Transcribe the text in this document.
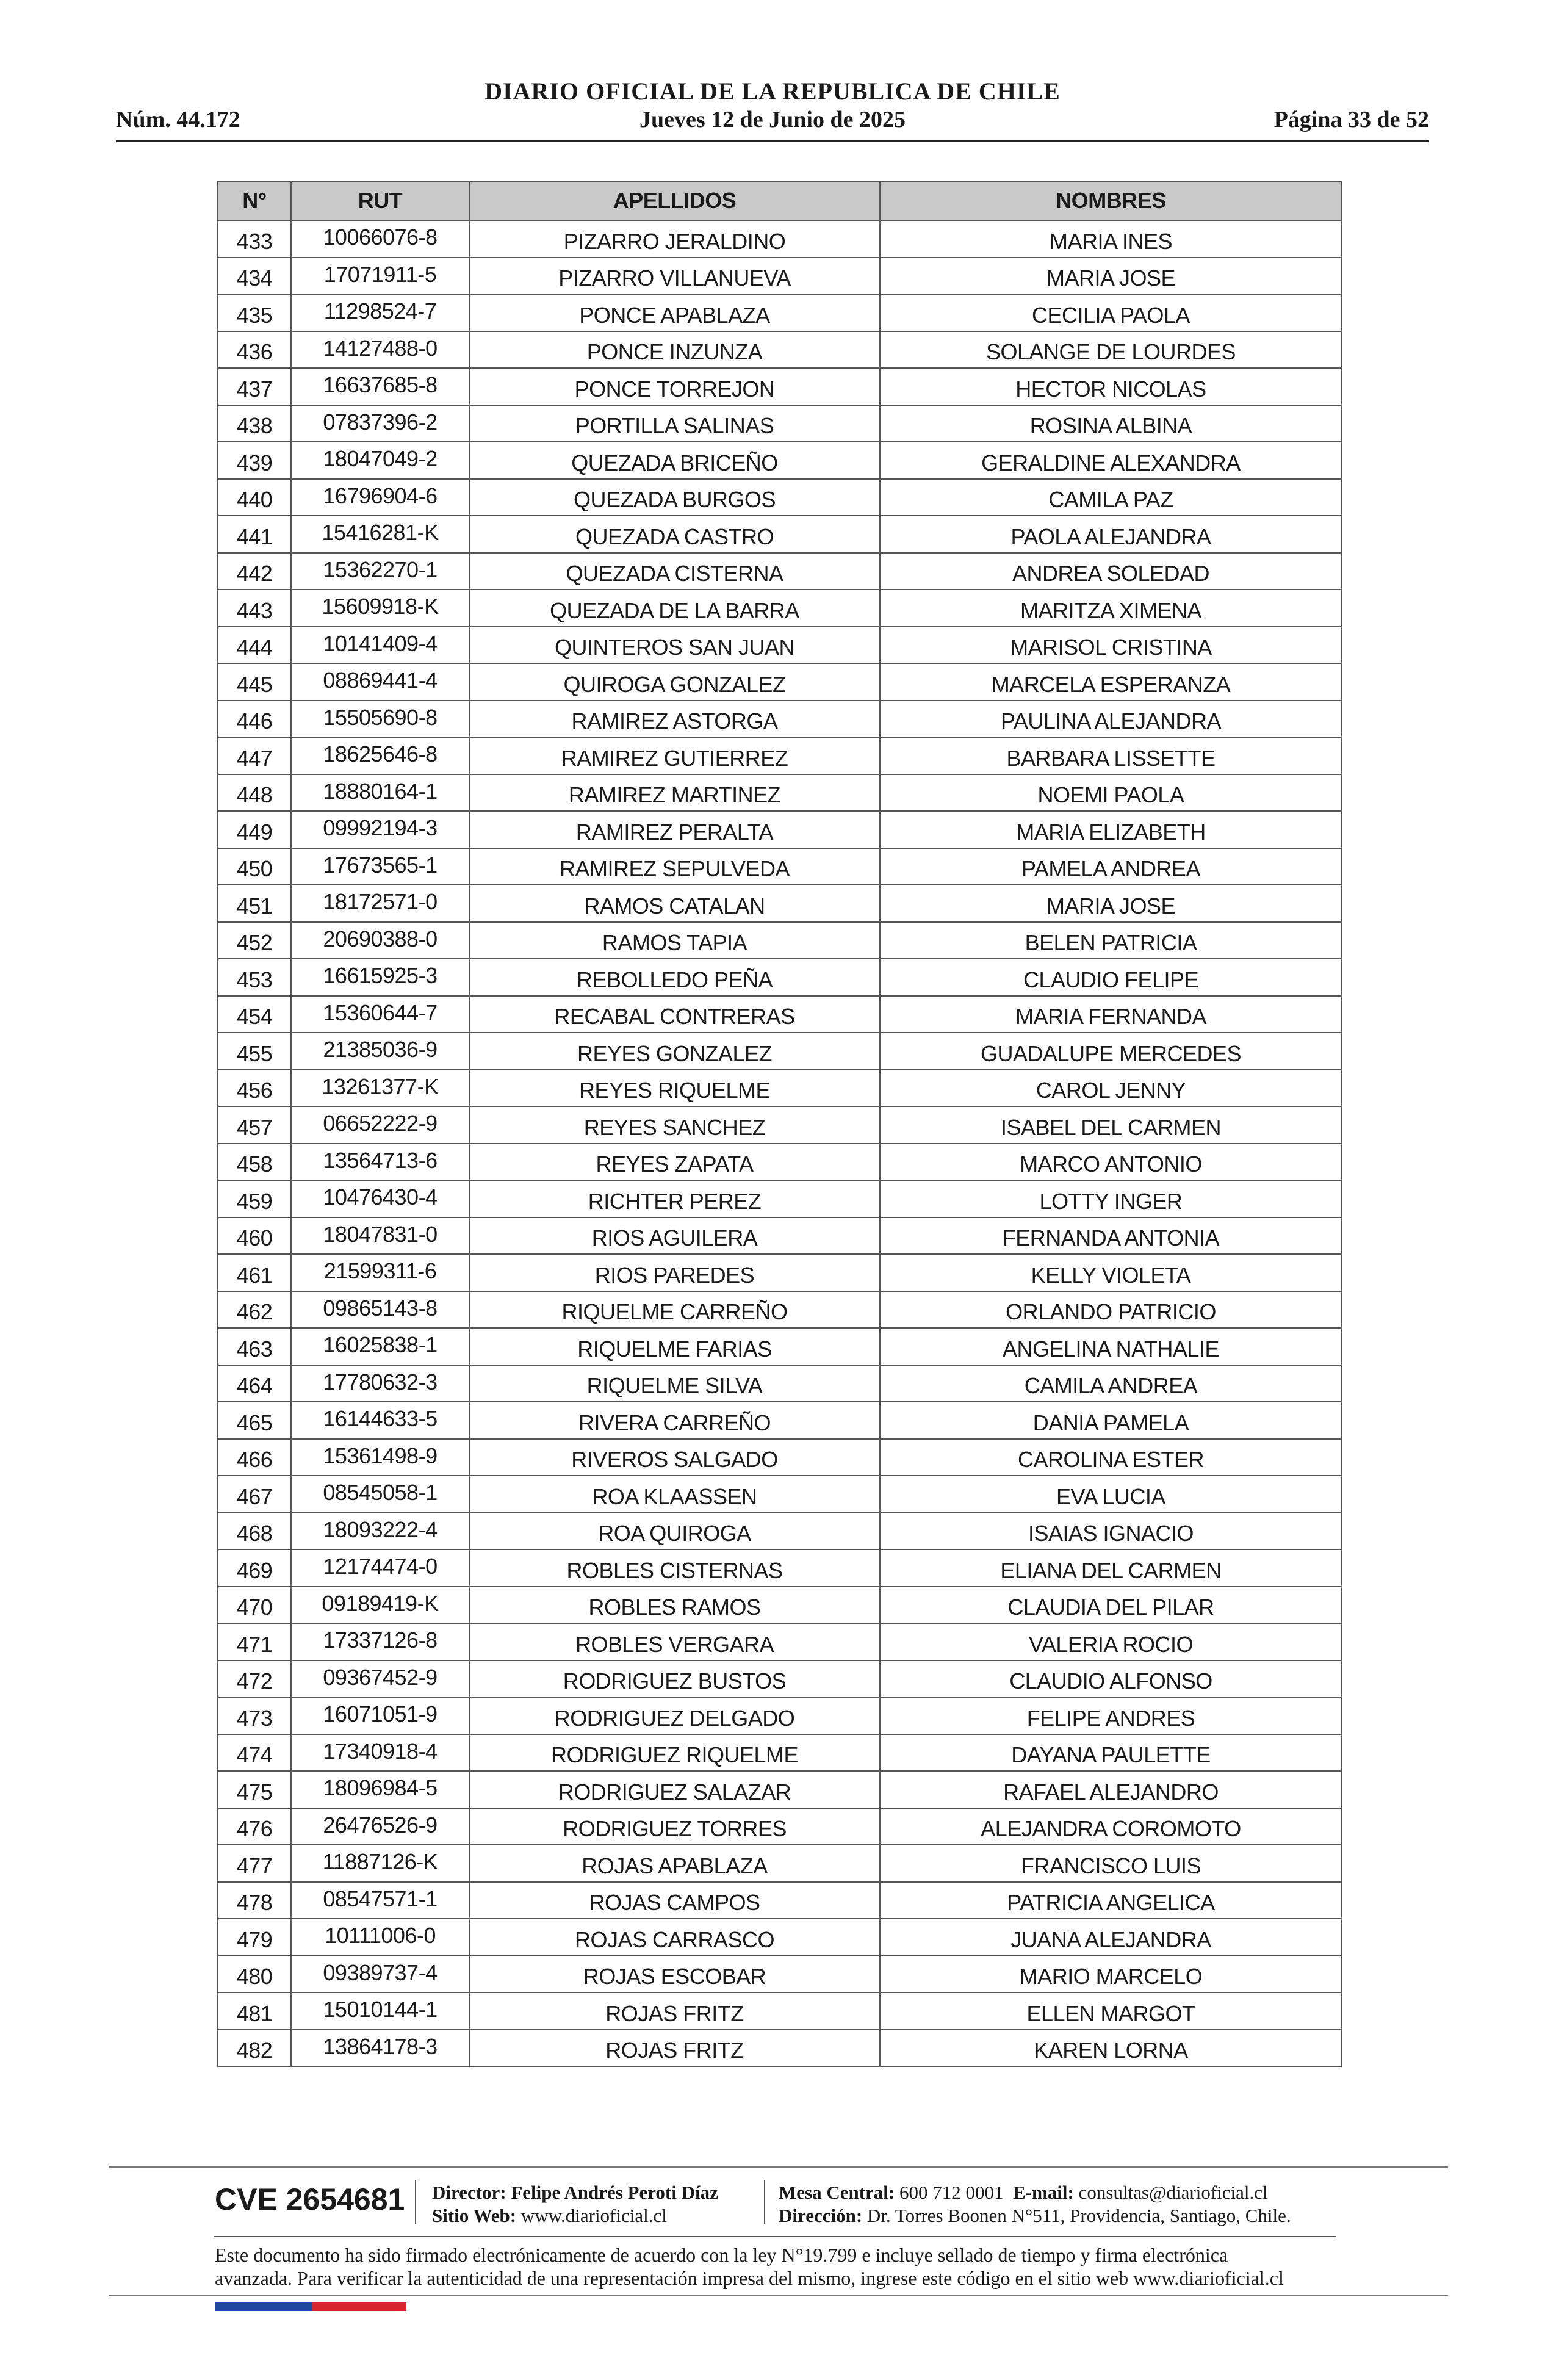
DIARIO OFICIAL DE LA REPUBLICA DE CHILE
Núm. 44.172	Jueves 12 de Junio de 2025	Página 33 de 52
N°	RUT	APELLIDOS	NOMBRES
433	10066076-8	PIZARRO JERALDINO	MARIA INES
434	17071911-5	PIZARRO VILLANUEVA	MARIA JOSE
435	11298524-7	PONCE APABLAZA	CECILIA PAOLA
436	14127488-0	PONCE INZUNZA	SOLANGE DE LOURDES
437	16637685-8	PONCE TORREJON	HECTOR NICOLAS
438	07837396-2	PORTILLA SALINAS	ROSINA ALBINA
439	18047049-2	QUEZADA BRICEÑO	GERALDINE ALEXANDRA
440	16796904-6	QUEZADA BURGOS	CAMILA PAZ
441	15416281-K	QUEZADA CASTRO	PAOLA ALEJANDRA
442	15362270-1	QUEZADA CISTERNA	ANDREA SOLEDAD
443	15609918-K	QUEZADA DE LA BARRA	MARITZA XIMENA
444	10141409-4	QUINTEROS SAN JUAN	MARISOL CRISTINA
445	08869441-4	QUIROGA GONZALEZ	MARCELA ESPERANZA
446	15505690-8	RAMIREZ ASTORGA	PAULINA ALEJANDRA
447	18625646-8	RAMIREZ GUTIERREZ	BARBARA LISSETTE
448	18880164-1	RAMIREZ MARTINEZ	NOEMI PAOLA
449	09992194-3	RAMIREZ PERALTA	MARIA ELIZABETH
450	17673565-1	RAMIREZ SEPULVEDA	PAMELA ANDREA
451	18172571-0	RAMOS CATALAN	MARIA JOSE
452	20690388-0	RAMOS TAPIA	BELEN PATRICIA
453	16615925-3	REBOLLEDO PEÑA	CLAUDIO FELIPE
454	15360644-7	RECABAL CONTRERAS	MARIA FERNANDA
455	21385036-9	REYES GONZALEZ	GUADALUPE MERCEDES
456	13261377-K	REYES RIQUELME	CAROL JENNY
457	06652222-9	REYES SANCHEZ	ISABEL DEL CARMEN
458	13564713-6	REYES ZAPATA	MARCO ANTONIO
459	10476430-4	RICHTER PEREZ	LOTTY INGER
460	18047831-0	RIOS AGUILERA	FERNANDA ANTONIA
461	21599311-6	RIOS PAREDES	KELLY VIOLETA
462	09865143-8	RIQUELME CARREÑO	ORLANDO PATRICIO
463	16025838-1	RIQUELME FARIAS	ANGELINA NATHALIE
464	17780632-3	RIQUELME SILVA	CAMILA ANDREA
465	16144633-5	RIVERA CARREÑO	DANIA PAMELA
466	15361498-9	RIVEROS SALGADO	CAROLINA ESTER
467	08545058-1	ROA KLAASSEN	EVA LUCIA
468	18093222-4	ROA QUIROGA	ISAIAS IGNACIO
469	12174474-0	ROBLES CISTERNAS	ELIANA DEL CARMEN
470	09189419-K	ROBLES RAMOS	CLAUDIA DEL PILAR
471	17337126-8	ROBLES VERGARA	VALERIA ROCIO
472	09367452-9	RODRIGUEZ BUSTOS	CLAUDIO ALFONSO
473	16071051-9	RODRIGUEZ DELGADO	FELIPE ANDRES
474	17340918-4	RODRIGUEZ RIQUELME	DAYANA PAULETTE
475	18096984-5	RODRIGUEZ SALAZAR	RAFAEL ALEJANDRO
476	26476526-9	RODRIGUEZ TORRES	ALEJANDRA COROMOTO
477	11887126-K	ROJAS APABLAZA	FRANCISCO LUIS
478	08547571-1	ROJAS CAMPOS	PATRICIA ANGELICA
479	10111006-0	ROJAS CARRASCO	JUANA ALEJANDRA
480	09389737-4	ROJAS ESCOBAR	MARIO MARCELO
481	15010144-1	ROJAS FRITZ	ELLEN MARGOT
482	13864178-3	ROJAS FRITZ	KAREN LORNA
CVE 2654681 Director: Felipe Andrés Peroti Díaz
Sitio Web: www.diarioficial.cl
Mesa Central: 600 712 0001 E-mail: consultas@diarioficial.cl
Dirección: Dr. Torres Boonen N°511, Providencia, Santiago, Chile.
Este documento ha sido firmado electrónicamente de acuerdo con la ley N°19.799 e incluye sellado de tiempo y firma electrónica
avanzada. Para verificar la autenticidad de una representación impresa del mismo, ingrese este código en el sitio web www.diarioficial.cl
